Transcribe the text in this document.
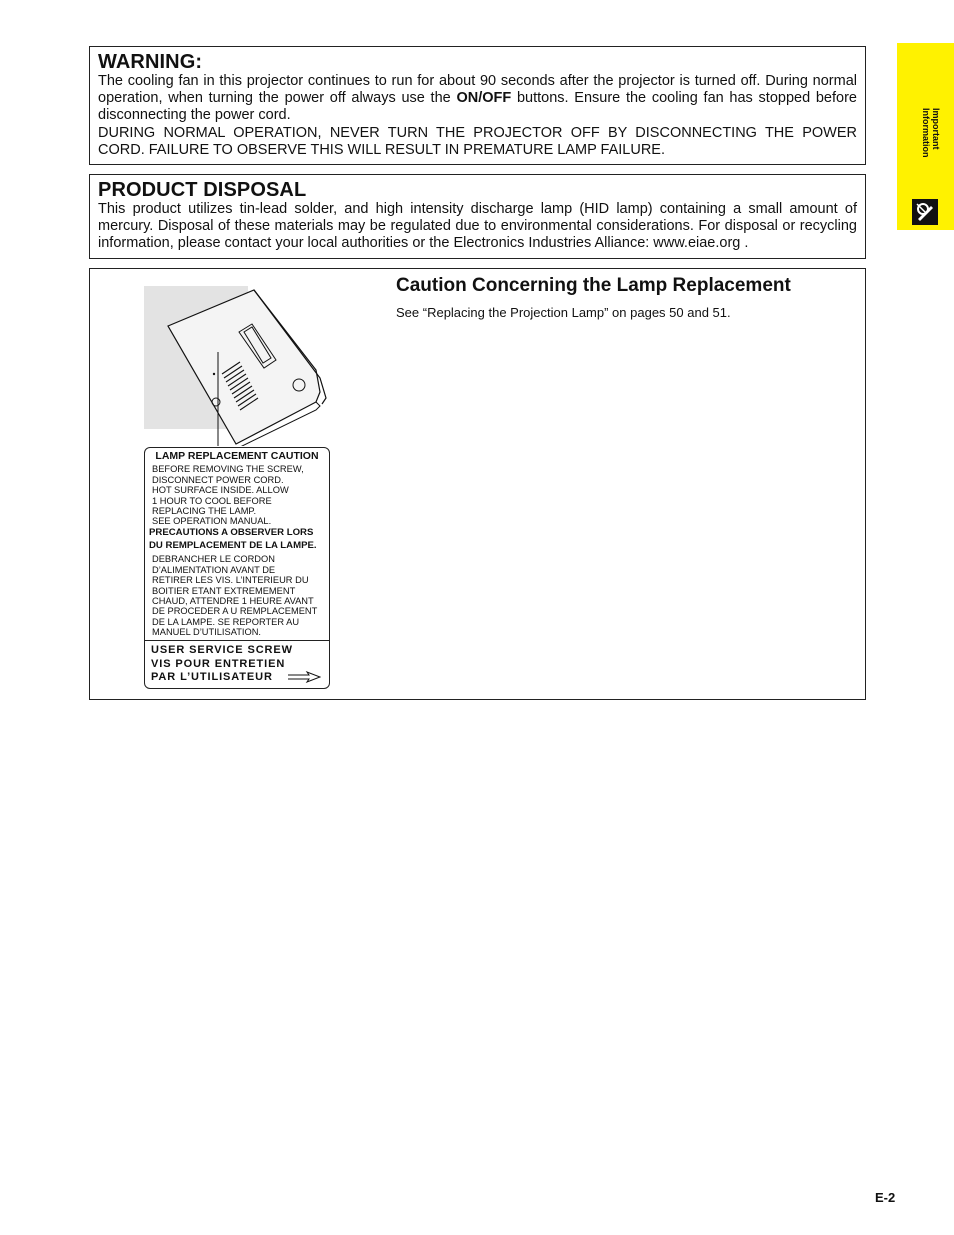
Important
Information
WARNING:

The cooling fan in this projector continues to run for about 90 seconds after the projector is turned off. During normal operation, when turning the power off always use the ON/OFF buttons. Ensure the cooling fan has stopped before disconnecting the power cord.

DURING NORMAL OPERATION, NEVER TURN THE PROJECTOR OFF BY DISCONNECTING THE POWER CORD. FAILURE TO OBSERVE THIS WILL RESULT IN PREMATURE LAMP FAILURE.

PRODUCT DISPOSAL

This product utilizes tin-lead solder, and high intensity discharge lamp (HID lamp) containing a small amount of mercury. Disposal of these materials may be regulated due to environmental considerations. For disposal or recycling information, please contact your local authorities or the Electronics Industries Alliance: www.eiae.org .

LAMP REPLACEMENT CAUTION
BEFORE REMOVING THE SCREW,
DISCONNECT POWER CORD.
HOT SURFACE INSIDE. ALLOW
1 HOUR TO COOL BEFORE
REPLACING THE LAMP.
SEE OPERATION MANUAL.
PRECAUTIONS A OBSERVER LORS
DU REMPLACEMENT DE LA LAMPE.
DEBRANCHER LE CORDON
D’ALIMENTATION AVANT DE
RETIRER LES VIS. L’INTERIEUR DU
BOITIER ETANT EXTREMEMENT
CHAUD, ATTENDRE 1 HEURE AVANT
DE PROCEDER A U REMPLACEMENT
DE LA LAMPE. SE REPORTER AU
MANUEL D’UTILISATION.
USER SERVICE SCREW
VIS POUR ENTRETIEN
PAR L’UTILISATEUR
Caution Concerning the Lamp Replacement
See “Replacing the Projection Lamp” on pages 50 and 51.
E-2
